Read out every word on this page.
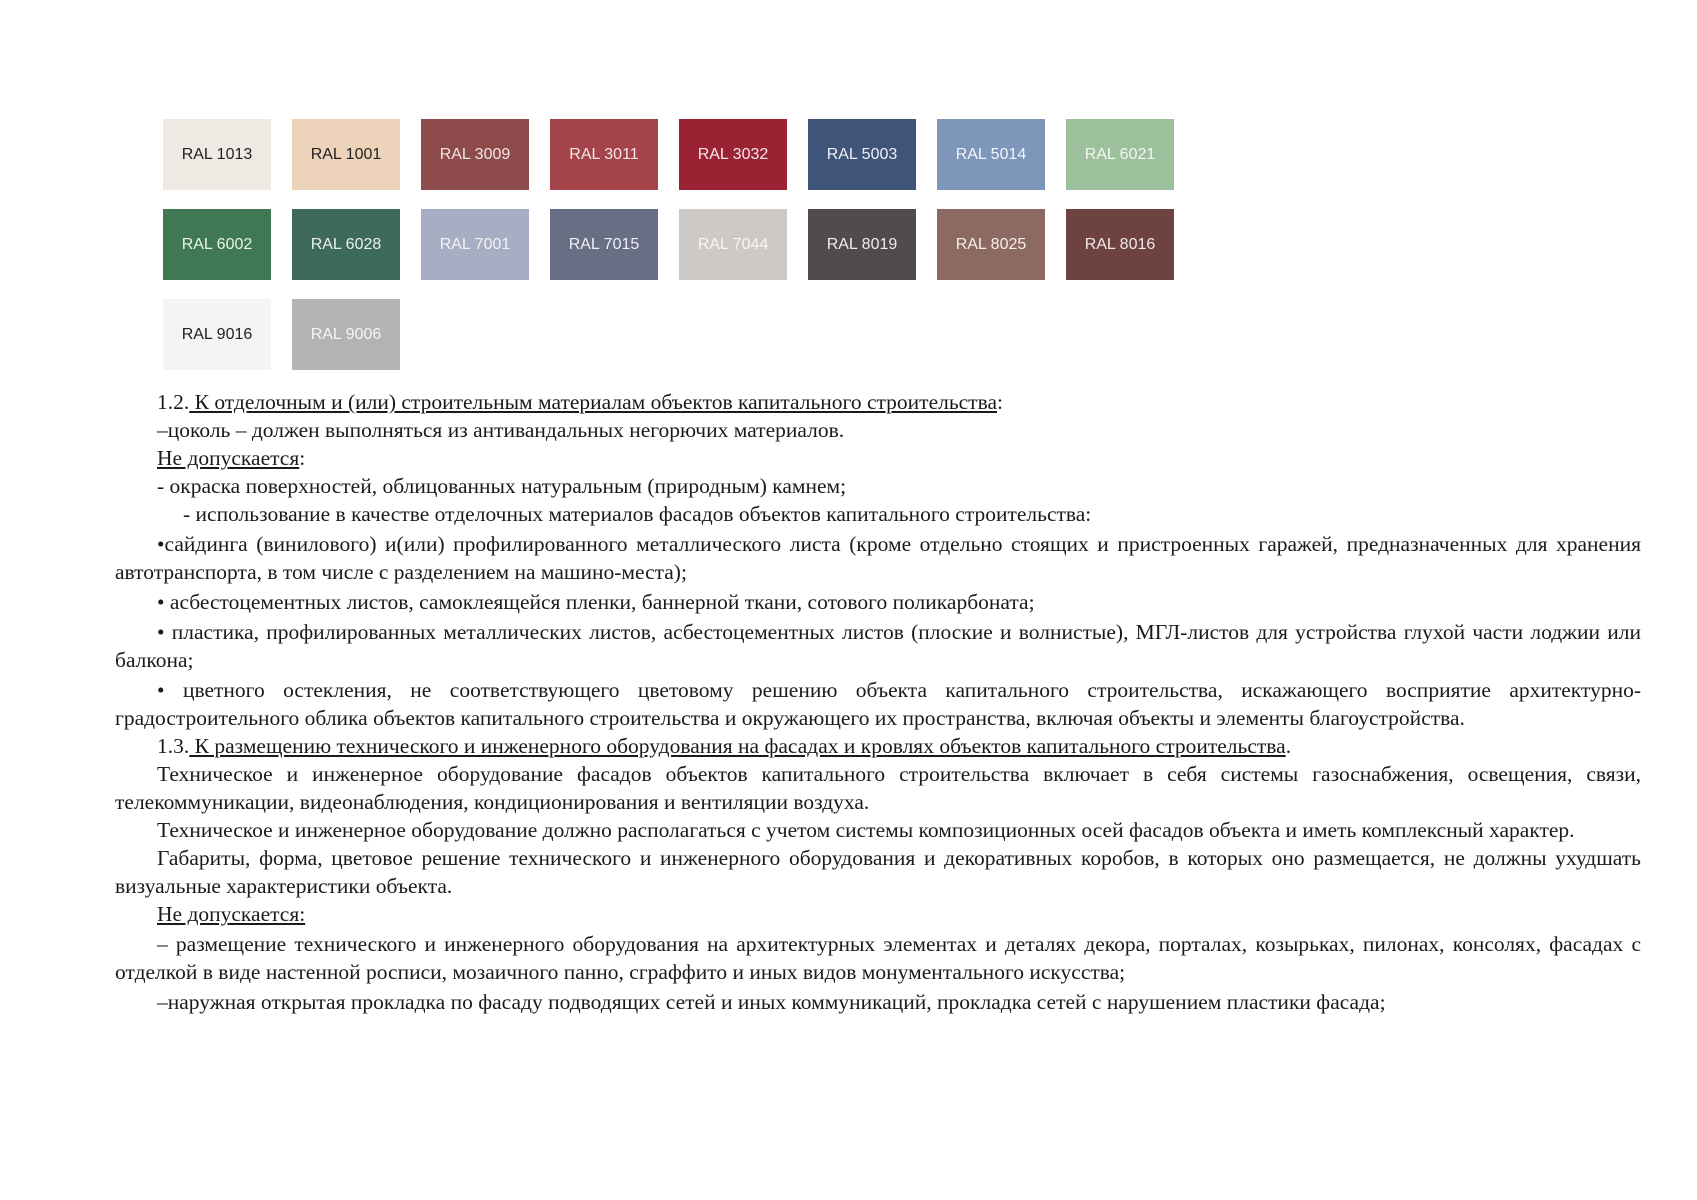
RAL 1013	RAL 1001	RAL 3009	RAL 3011	RAL 3032	RAL 5003	RAL 5014	RAL 6021
RAL 6002	RAL 6028	RAL 7001	RAL 7015	RAL 7044	RAL 8019	RAL 8025	RAL 8016
RAL 9016	RAL 9006
1.2. К отделочным и (или) строительным материалам объектов капитального строительства:
–цоколь – должен выполняться из антивандальных негорючих материалов.
Не допускается:
- окраска поверхностей, облицованных натуральным (природным) камнем;
- использование в качестве отделочных материалов фасадов объектов капитального строительства:
•сайдинга (винилового) и(или) профилированного металлического листа (кроме отдельно стоящих и пристроенных гаражей, предназначенных для хранения автотранспорта, в том числе с разделением на машино-места);
• асбестоцементных листов, самоклеящейся пленки, баннерной ткани, сотового поликарбоната;
• пластика, профилированных металлических листов, асбестоцементных листов (плоские и волнистые), МГЛ-листов для устройства глухой части лоджии или балкона;
• цветного остекления, не соответствующего цветовому решению объекта капитального строительства, искажающего восприятие архитектурно-градостроительного облика объектов капитального строительства и окружающего их пространства, включая объекты и элементы благоустройства.
1.3. К размещению технического и инженерного оборудования на фасадах и кровлях объектов капитального строительства.
Техническое и инженерное оборудование фасадов объектов капитального строительства включает в себя системы газоснабжения, освещения, связи, телекоммуникации, видеонаблюдения, кондиционирования и вентиляции воздуха.
Техническое и инженерное оборудование должно располагаться с учетом системы композиционных осей фасадов объекта и иметь комплексный характер.
Габариты, форма, цветовое решение технического и инженерного оборудования и декоративных коробов, в которых оно размещается, не должны ухудшать визуальные характеристики объекта.
Не допускается:
– размещение технического и инженерного оборудования на архитектурных элементах и деталях декора, порталах, козырьках, пилонах, консолях, фасадах с отделкой в виде настенной росписи, мозаичного панно, сграффито и иных видов монументального искусства;
–наружная открытая прокладка по фасаду подводящих сетей и иных коммуникаций, прокладка сетей с нарушением пластики фасада;
